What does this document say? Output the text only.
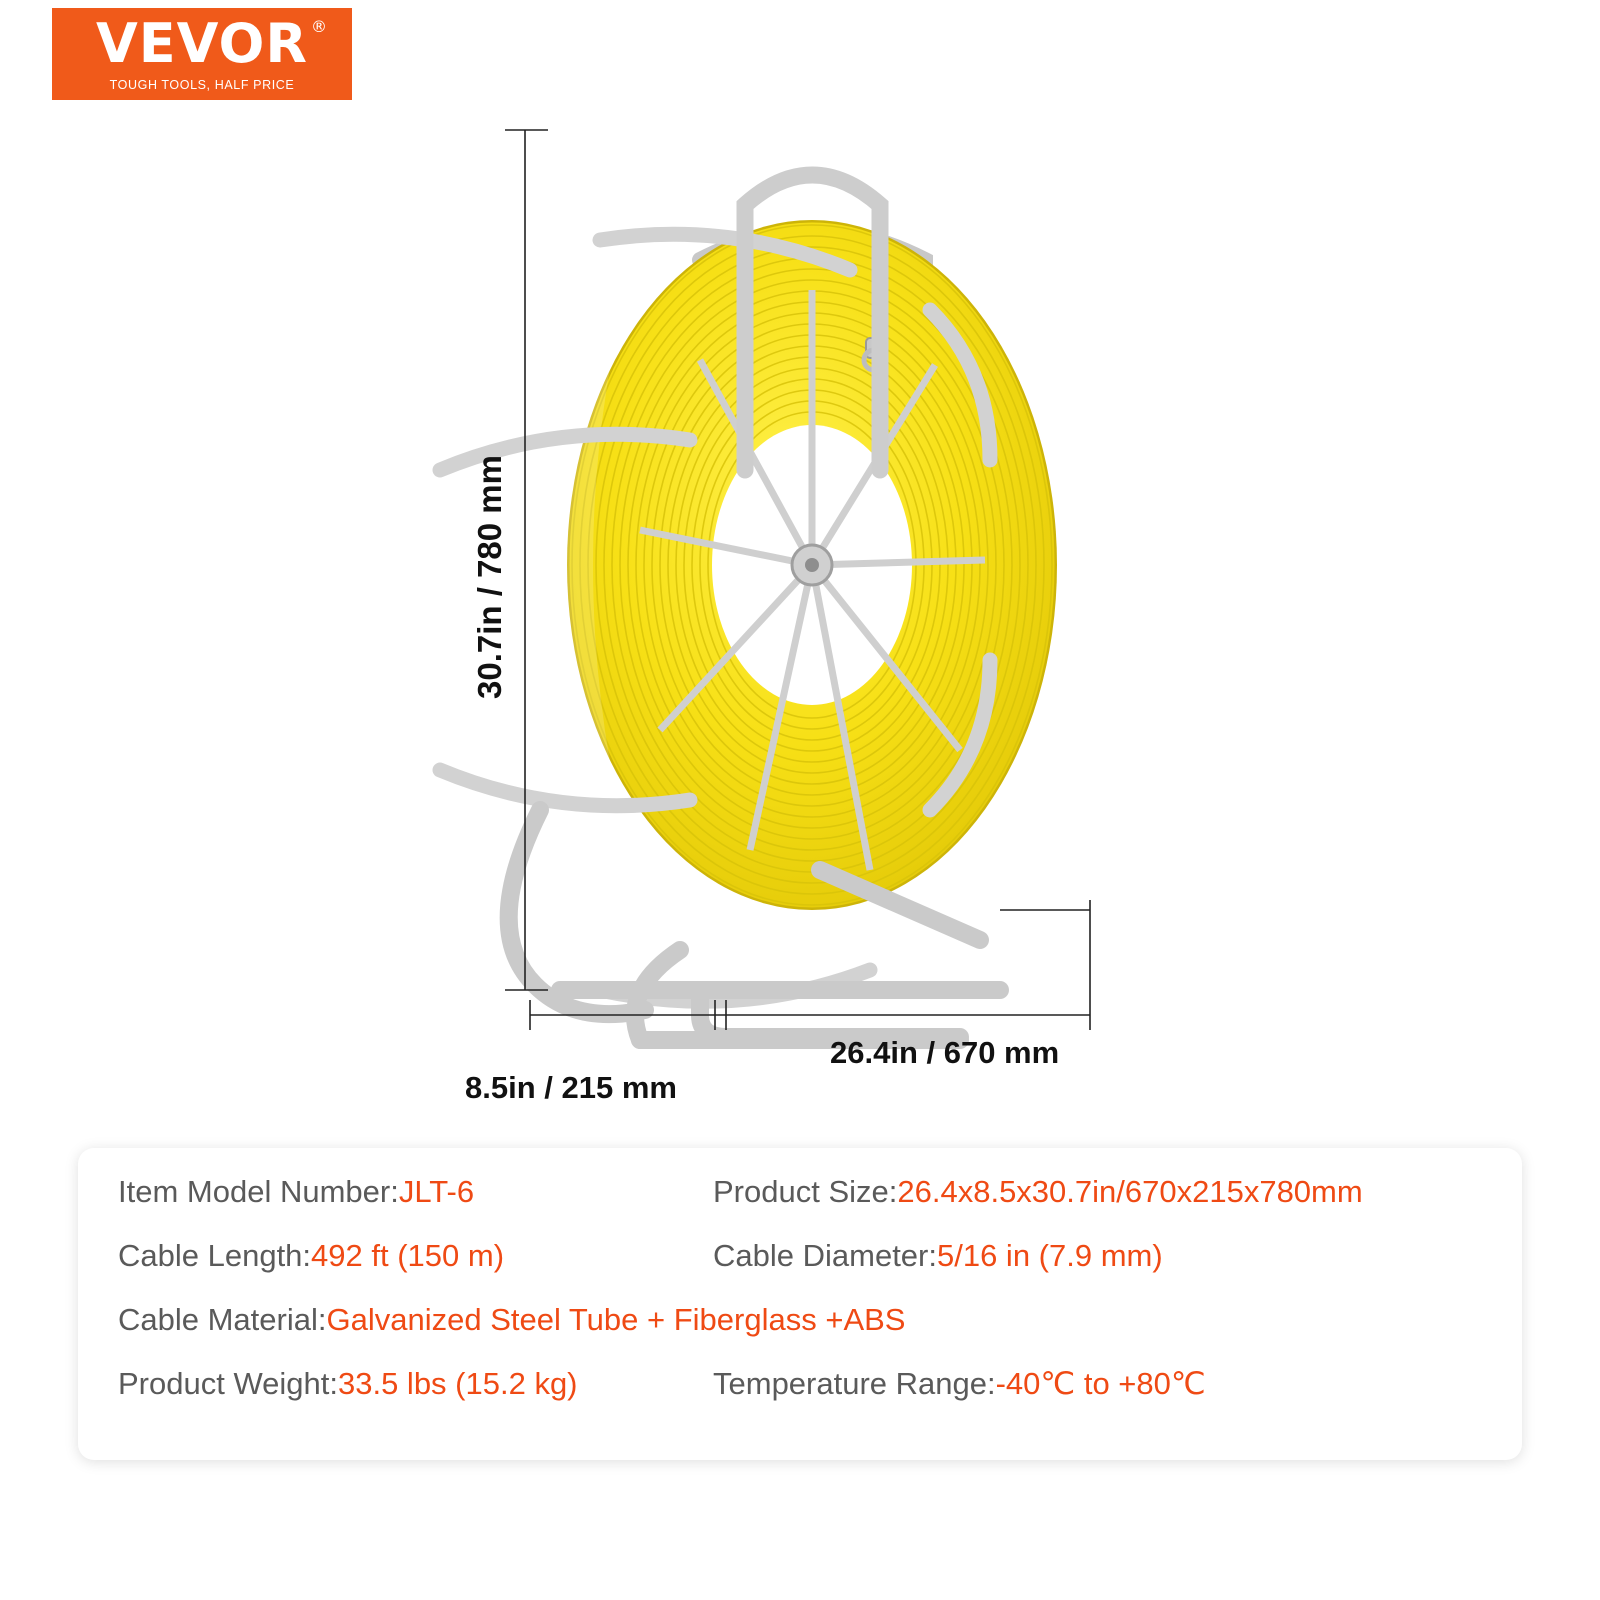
VEVOR ®
TOUGH TOOLS, HALF PRICE
30.7in / 780 mm
26.4in / 670 mm
8.5in / 215 mm
Item Model Number: JLT-6	Product Size: 26.4x8.5x30.7in/670x215x780mm
Cable Length: 492 ft (150 m)	Cable Diameter: 5/16 in (7.9 mm)
Cable Material: Galvanized Steel Tube + Fiberglass +ABS
Product Weight: 33.5 lbs (15.2 kg)	Temperature Range: -40℃ to +80℃
